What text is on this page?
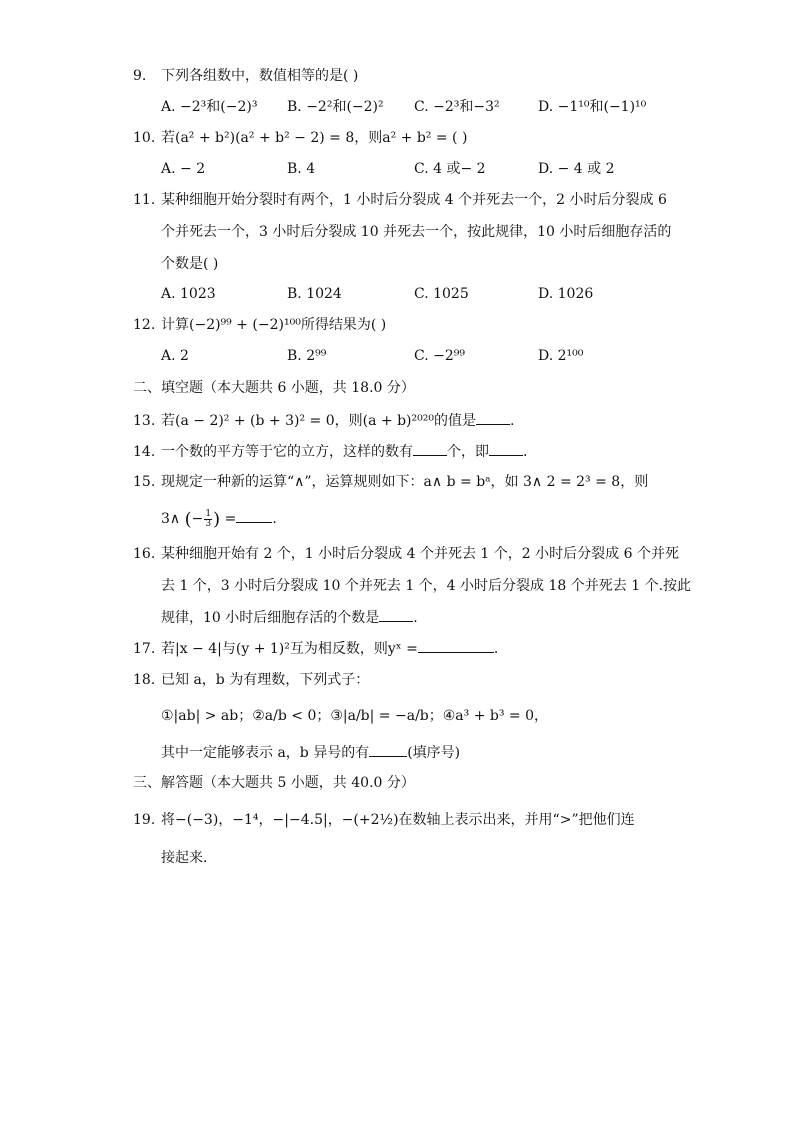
9. 下列各组数中，数值相等的是( )
A. −2³和(−2)³ B. −2²和(−2)² C. −2³和−3²	D. −1¹⁰和(−1)¹⁰
10. 若(a² + b²)(a² + b² − 2) = 8，则a² + b² = ( )
A. − 2	B. 4	C. 4 或− 2	D. − 4 或 2
11. 某种细胞开始分裂时有两个，1 小时后分裂成 4 个并死去一个，2 小时后分裂成 6
个并死去一个，3 小时后分裂成 10 并死去一个，按此规律，10 小时后细胞存活的
个数是( )
A. 1023	B. 1024	C. 1025	D. 1026
12. 计算(−2)⁹⁹ + (−2)¹⁰⁰所得结果为( )
A. 2	B. 2⁹⁹	C. −2⁹⁹	D. 2¹⁰⁰
二、填空题（本大题共 6 小题，共 18.0 分）
13. 若(a − 2)² + (b + 3)² = 0，则(a + b)²⁰²⁰的值是 .
14. 一个数的平方等于它的立方，这样的数有 个，即 .
15. 现规定一种新的运算“∧”，运算规则如下：a∧ b = bᵃ，如 3∧ 2 = 2³ = 8，则
3∧ (− $\frac{1}{3}$ ) =	.
16. 某种细胞开始有 2 个，1 小时后分裂成 4 个并死去 1 个，2 小时后分裂成 6 个并死
去 1 个，3 小时后分裂成 10 个并死去 1 个，4 小时后分裂成 18 个并死去 1 个.按此
规律，10 小时后细胞存活的个数是 .
17. 若|x − 4|与(y + 1)²互为相反数，则yˣ =	.
18. 已知 a，b 为有理数，下列式子：
①|ab| > ab；②a/b < 0；③|a/b| = −a/b；④a³ + b³ = 0，
其中一定能够表示 a，b 异号的有	(填序号)
三、解答题（本大题共 5 小题，共 40.0 分）
19. 将−(−3)，−1⁴，−|−4.5|，−(+2½)在数轴上表示出来，并用“>”把他们连
接起来.
